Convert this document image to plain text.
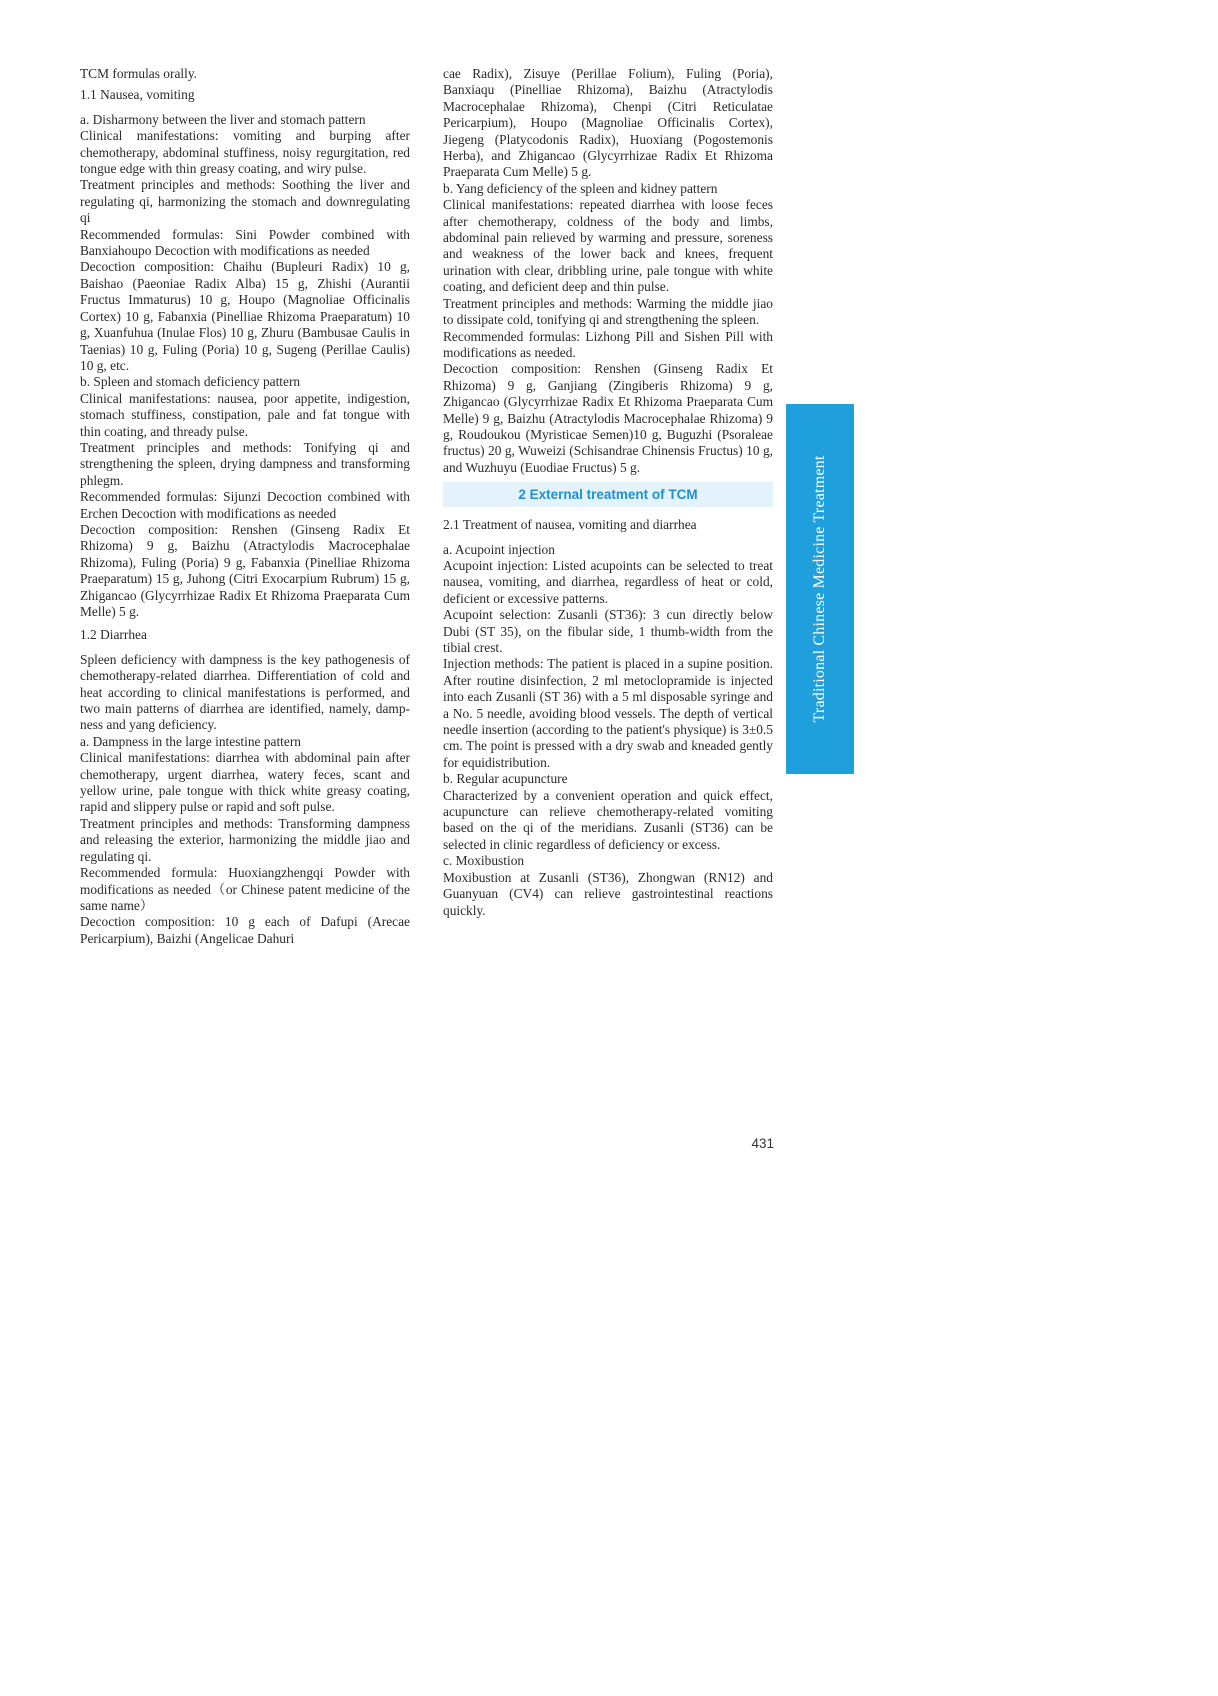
TCM formulas orally.

1.1 Nausea, vomiting

a. Disharmony between the liver and stomach pattern

Clinical manifestations: vomiting and burping after chemotherapy, abdominal stuffiness, noisy regurgitation, red tongue edge with thin greasy coating, and wiry pulse.

Treatment principles and methods: Soothing the liver and regulating qi, harmonizing the stomach and downregulating qi

Recommended formulas: Sini Powder combined with Banxiahoupo Decoction with modifications as needed

Decoction composition: Chaihu (Bupleuri Radix) 10 g, Baishao (Paeoniae Radix Alba) 15 g, Zhishi (Aurantii Fructus Immaturus) 10 g, Houpo (Magnoliae Officinalis Cortex) 10 g, Fabanxia (Pinelliae Rhizoma Praeparatum) 10 g, Xuanfuhua (Inulae Flos) 10 g, Zhuru (Bambusae Caulis in Taenias) 10 g, Fuling (Poria) 10 g, Sugeng (Perillae Caulis) 10 g, etc.

b. Spleen and stomach deficiency pattern

Clinical manifestations: nausea, poor appetite, indigestion, stomach stuffiness, constipation, pale and fat tongue with thin coating, and thready pulse.

Treatment principles and methods: Tonifying qi and strengthening the spleen, drying dampness and transforming phlegm.

Recommended formulas: Sijunzi Decoction combined with Erchen Decoction with modifications as needed

Decoction composition: Renshen (Ginseng Radix Et Rhizoma) 9 g, Baizhu (Atractylodis Macrocephalae Rhizoma), Fuling (Poria) 9 g, Fabanxia (Pinelliae Rhizoma Praeparatum) 15 g, Juhong (Citri Exocarpium Rubrum) 15 g, Zhigancao (Glycyrrhizae Radix Et Rhizoma Praeparata Cum Melle) 5 g.

1.2 Diarrhea

Spleen deficiency with dampness is the key pathogenesis of chemotherapy-related diarrhea. Differentiation of cold and heat according to clinical manifestations is performed, and two main patterns of diarrhea are identified, namely, dampness and yang deficiency.

a. Dampness in the large intestine pattern

Clinical manifestations: diarrhea with abdominal pain after chemotherapy, urgent diarrhea, watery feces, scant and yellow urine, pale tongue with thick white greasy coating, rapid and slippery pulse or rapid and soft pulse.

Treatment principles and methods: Transforming dampness and releasing the exterior, harmonizing the middle jiao and regulating qi.

Recommended formula: Huoxiangzhengqi Powder with modifications as needed（or Chinese patent medicine of the same name）

Decoction composition: 10 g each of Dafupi (Arecae Pericarpium), Baizhi (Angelicae Dahuri

cae Radix), Zisuye (Perillae Folium), Fuling (Poria), Banxiaqu (Pinelliae Rhizoma), Baizhu (Atractylodis Macrocephalae Rhizoma), Chenpi (Citri Reticulatae Pericarpium), Houpo (Magnoliae Officinalis Cortex), Jiegeng (Platycodonis Radix), Huoxiang (Pogostemonis Herba), and Zhigancao (Glycyrrhizae Radix Et Rhizoma Praeparata Cum Melle) 5 g.

b. Yang deficiency of the spleen and kidney pattern

Clinical manifestations: repeated diarrhea with loose feces after chemotherapy, coldness of the body and limbs, abdominal pain relieved by warming and pressure, soreness and weakness of the lower back and knees, frequent urination with clear, dribbling urine, pale tongue with white coating, and deficient deep and thin pulse.

Treatment principles and methods: Warming the middle jiao to dissipate cold, tonifying qi and strengthening the spleen.

Recommended formulas: Lizhong Pill and Sishen Pill with modifications as needed.

Decoction composition: Renshen (Ginseng Radix Et Rhizoma) 9 g, Ganjiang (Zingiberis Rhizoma) 9 g, Zhigancao (Glycyrrhizae Radix Et Rhizoma Praeparata Cum Melle) 9 g, Baizhu (Atractylodis Macrocephalae Rhizoma) 9 g, Roudoukou (Myristicae Semen)10 g, Buguzhi (Psoraleae fructus) 20 g, Wuweizi (Schisandrae Chinensis Fructus) 10 g, and Wuzhuyu (Euodiae Fructus) 5 g.

2 External treatment of TCM

2.1 Treatment of nausea, vomiting and diarrhea

a. Acupoint injection

Acupoint injection: Listed acupoints can be selected to treat nausea, vomiting, and diarrhea, regardless of heat or cold, deficient or excessive patterns.

Acupoint selection: Zusanli (ST36): 3 cun directly below Dubi (ST 35), on the fibular side, 1 thumb-width from the tibial crest.

Injection methods: The patient is placed in a supine position. After routine disinfection, 2 ml metoclopramide is injected into each Zusanli (ST 36) with a 5 ml disposable syringe and a No. 5 needle, avoiding blood vessels. The depth of vertical needle insertion (according to the patient's physique) is 3±0.5 cm. The point is pressed with a dry swab and kneaded gently for equidistribution.

b. Regular acupuncture

Characterized by a convenient operation and quick effect, acupuncture can relieve chemotherapy-related vomiting based on the qi of the meridians. Zusanli (ST36) can be selected in clinic regardless of deficiency or excess.

c. Moxibustion

Moxibustion at Zusanli (ST36), Zhongwan (RN12) and Guanyuan (CV4) can relieve gastrointestinal reactions quickly.

Traditional Chinese Medicine Treatment
431
